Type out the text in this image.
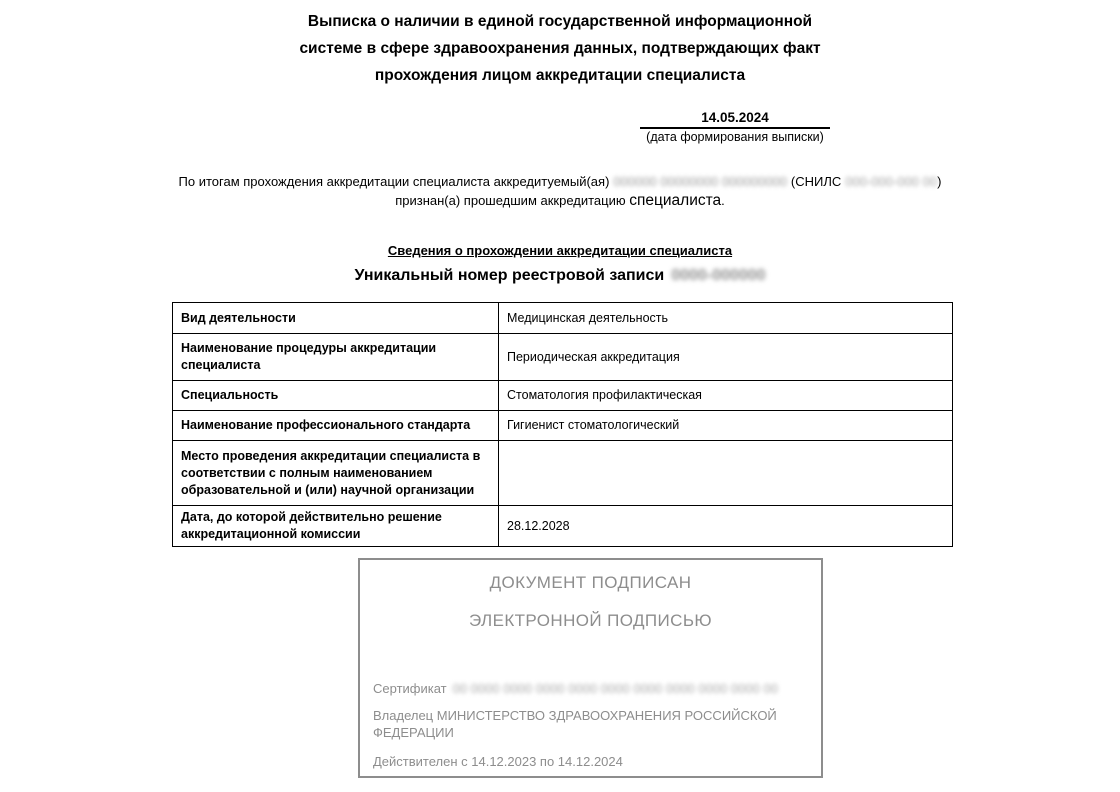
Выписка о наличии в единой государственной информационной
системе в сфере здравоохранения данных, подтверждающих факт
прохождения лицом аккредитации специалиста
14.05.2024
(дата формирования выписки)
По итогам прохождения аккредитации специалиста аккредитуемый(ая) 000000 00000000 000000000 (СНИЛС 000-000-000 00)
признан(а) прошедшим аккредитацию специалиста.
Сведения о прохождении аккредитации специалиста
Уникальный номер реестровой записи 0000-000000
Вид деятельности	Медицинская деятельность
Наименование процедуры аккредитации специалиста	Периодическая аккредитация
Специальность	Стоматология профилактическая
Наименование профессионального стандарта	Гигиенист стоматологический
Место проведения аккредитации специалиста в соответствии с полным наименованием образовательной и (или) научной организации	
Дата, до которой действительно решение аккредитационной комиссии	28.12.2028
ДОКУМЕНТ ПОДПИСАН
ЭЛЕКТРОННОЙ ПОДПИСЬЮ
Сертификат 00 0000 0000 0000 0000 0000 0000 0000 0000 0000 00
Владелец МИНИСТЕРСТВО ЗДРАВООХРАНЕНИЯ РОССИЙСКОЙ ФЕДЕРАЦИИ
Действителен с 14.12.2023 по 14.12.2024
